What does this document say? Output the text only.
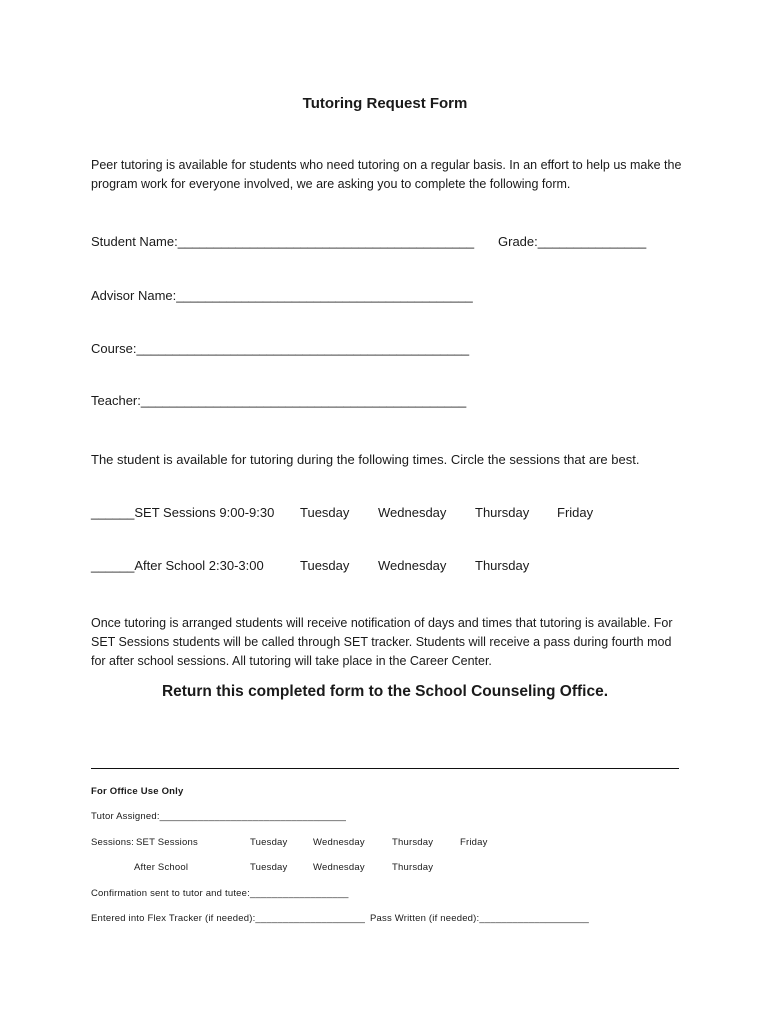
Tutoring Request Form
Peer tutoring is available for students who need tutoring on a regular basis. In an effort to help us make the program work for everyone involved, we are asking you to complete the following form.
Student Name:_________________________________________ Grade:_______________
Advisor Name:_________________________________________
Course:______________________________________________
Teacher:_____________________________________________
The student is available for tutoring during the following times. Circle the sessions that are best.
______SET Sessions 9:00-9:30 Tuesday Wednesday Thursday Friday
______After School 2:30-3:00	Tuesday Wednesday Thursday
Once tutoring is arranged students will receive notification of days and times that tutoring is available. For SET Sessions students will be called through SET tracker. Students will receive a pass during fourth mod for after school sessions. All tutoring will take place in the Career Center.
Return this completed form to the School Counseling Office.
For Office Use Only
Tutor Assigned:__________________________________
Sessions: SET Sessions	Tuesday	Wednesday	Thursday	Friday
After School	Tuesday	Wednesday	Thursday
Confirmation sent to tutor and tutee:__________________
Entered into Flex Tracker (if needed):____________________ Pass Written (if needed):____________________
